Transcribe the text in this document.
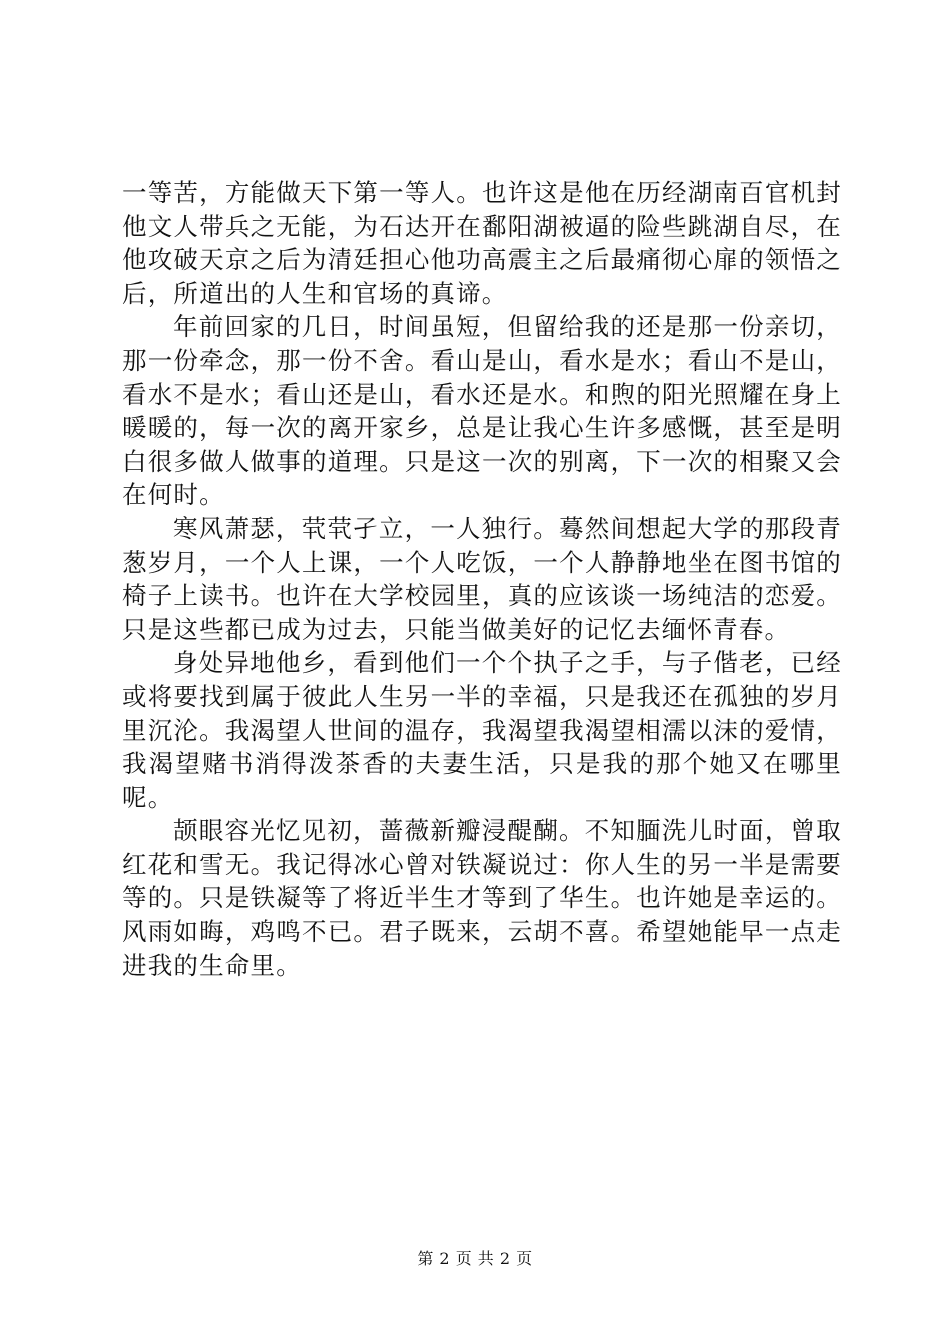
一等苦，方能做天下第一等人。也许这是他在历经湖南百官机封他文人带兵之无能，为石达开在鄱阳湖被逼的险些跳湖自尽，在他攻破天京之后为清廷担心他功高震主之后最痛彻心扉的领悟之后，所道出的人生和官场的真谛。

年前回家的几日，时间虽短，但留给我的还是那一份亲切，那一份牵念，那一份不舍。看山是山，看水是水；看山不是山，看水不是水；看山还是山，看水还是水。和煦的阳光照耀在身上暖暖的，每一次的离开家乡，总是让我心生许多感慨，甚至是明白很多做人做事的道理。只是这一次的别离，下一次的相聚又会在何时。

寒风萧瑟，茕茕孑立，一人独行。蓦然间想起大学的那段青葱岁月，一个人上课，一个人吃饭，一个人静静地坐在图书馆的椅子上读书。也许在大学校园里，真的应该谈一场纯洁的恋爱。只是这些都已成为过去，只能当做美好的记忆去缅怀青春。

身处异地他乡，看到他们一个个执子之手，与子偕老，已经或将要找到属于彼此人生另一半的幸福，只是我还在孤独的岁月里沉沦。我渴望人世间的温存，我渴望我渴望相濡以沫的爱情，我渴望赌书消得泼茶香的夫妻生活，只是我的那个她又在哪里呢。

颉眼容光忆见初，蔷薇新瓣浸醍醐。不知腼洗儿时面，曾取红花和雪无。我记得冰心曾对铁凝说过：你人生的另一半是需要等的。只是铁凝等了将近半生才等到了华生。也许她是幸运的。风雨如晦，鸡鸣不已。君子既来，云胡不喜。希望她能早一点走进我的生命里。

第 2 页 共 2 页
